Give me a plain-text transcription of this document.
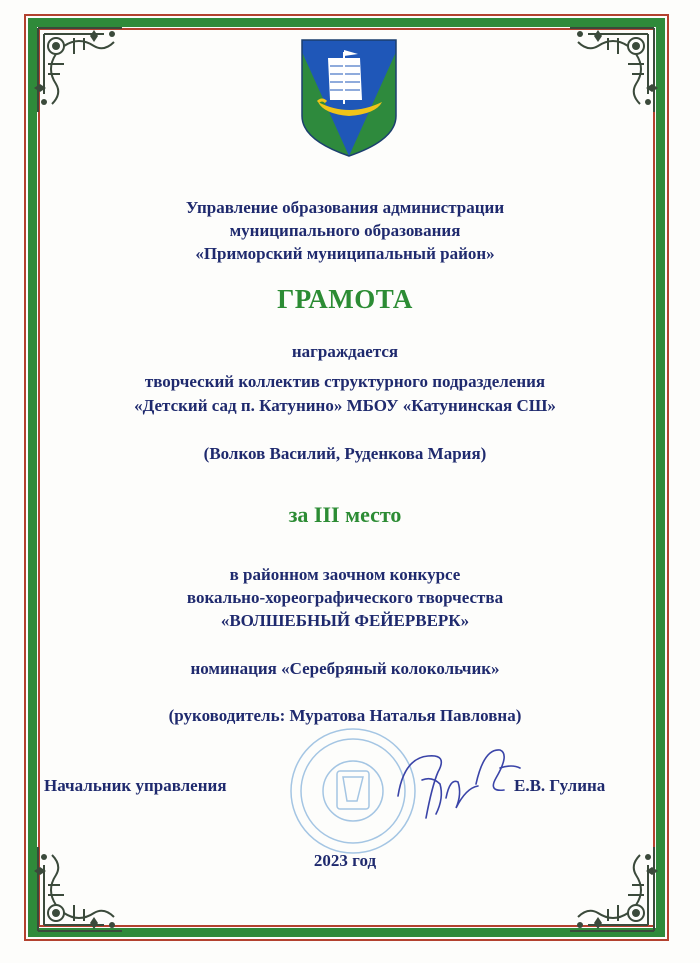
Управление образования администрации
муниципального образования
«Приморский муниципальный район»
ГРАМОТА
награждается
творческий коллектив структурного подразделения
«Детский сад п. Катунино» МБОУ «Катунинская СШ»
(Волков Василий, Руденкова Мария)
за III место
в районном заочном конкурсе
вокально-хореографического творчества
«ВОЛШЕБНЫЙ ФЕЙЕРВЕРК»
номинация «Серебряный колокольчик»
(руководитель: Муратова Наталья Павловна)
Начальник управления	Е.В. Гулина
2023 год
